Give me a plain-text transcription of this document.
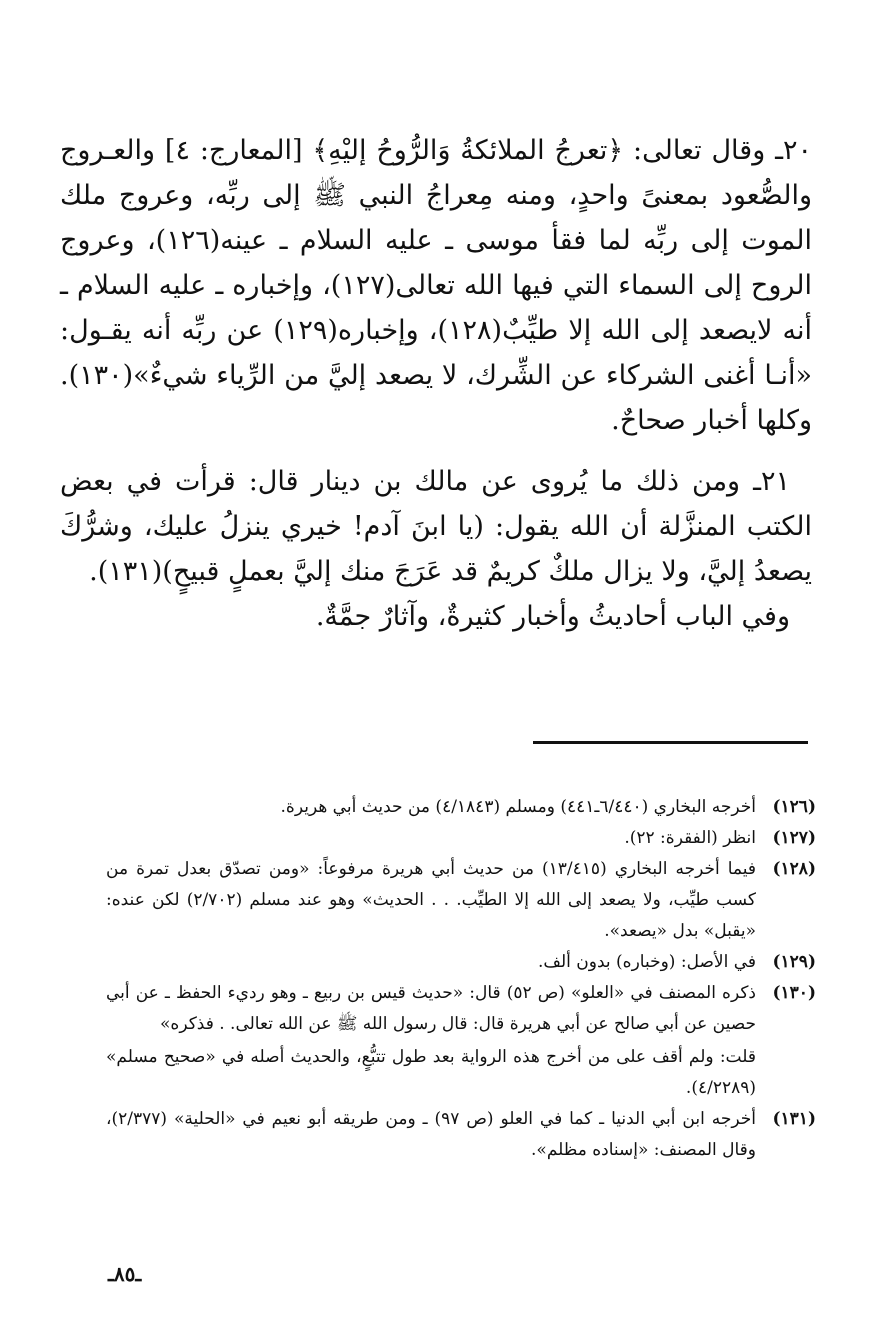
٢٠ـ وقال تعالى: ﴿تعرجُ الملائكةُ وَالرُّوحُ إليْهِ﴾ [المعارج: ٤] والعـروج والصُّعود بمعنىً واحدٍ، ومنه مِعراجُ النبي ﷺ إلى ربِّه، وعروج ملك الموت إلى ربِّه لما فقأ موسى ـ عليه السلام ـ عينه(١٢٦)، وعروج الروح إلى السماء التي فيها الله تعالى(١٢٧)، وإخباره ـ عليه السلام ـ أنه لايصعد إلى الله إلا طيِّبٌ(١٢٨)، وإخباره(١٢٩) عن ربِّه أنه يقـول: «أنـا أغنى الشركاء عن الشِّرك، لا يصعد إليَّ من الرِّياء شيءٌ»(١٣٠). وكلها أخبار صحاحٌ.

٢١ـ ومن ذلك ما يُروى عن مالك بن دينار قال: قرأت في بعض الكتب المنزَّلة أن الله يقول: (يا ابنَ آدم! خيري ينزلُ عليك، وشرُّكَ يصعدُ إليَّ، ولا يزال ملكٌ كريمٌ قد عَرَجَ منك إليَّ بعملٍ قبيحٍ)(١٣١).

وفي الباب أحاديثُ وأخبار كثيرةٌ، وآثارٌ جمَّةٌ.

(١٢٦)
أخرجه البخاري (٦/٤٤٠ـ٤٤١) ومسلم (٤/١٨٤٣) من حديث أبي هريرة.

(١٢٧)
انظر (الفقرة: ٢٢).

(١٢٨)
فيما أخرجه البخاري (١٣/٤١٥) من حديث أبي هريرة مرفوعاً: «ومن تصدّق بعدل تمرة من كسب طيِّب، ولا يصعد إلى الله إلا الطيِّب. . . الحديث» وهو عند مسلم (٢/٧٠٢) لكن عنده: «يقبل» بدل «يصعد».

(١٢٩)
في الأصل: (وخباره) بدون ألف.

(١٣٠)
ذكره المصنف في «العلو» (ص ٥٢) قال: «حديث قيس بن ربيع ـ وهو رديء الحفظ ـ عن أبي حصين عن أبي صالح عن أبي هريرة قال: قال رسول الله ﷺ عن الله تعالى. . فذكره»
قلت: ولم أقف على من أخرج هذه الرواية بعد طول تتبُّعٍ، والحديث أصله في «صحيح مسلم» (٤/٢٢٨٩).

(١٣١)
أخرجه ابن أبي الدنيا ـ كما في العلو (ص ٩٧) ـ ومن طريقه أبو نعيم في «الحلية» (٢/٣٧٧)، وقال المصنف: «إسناده مظلم».

ـ٨٥ـ
